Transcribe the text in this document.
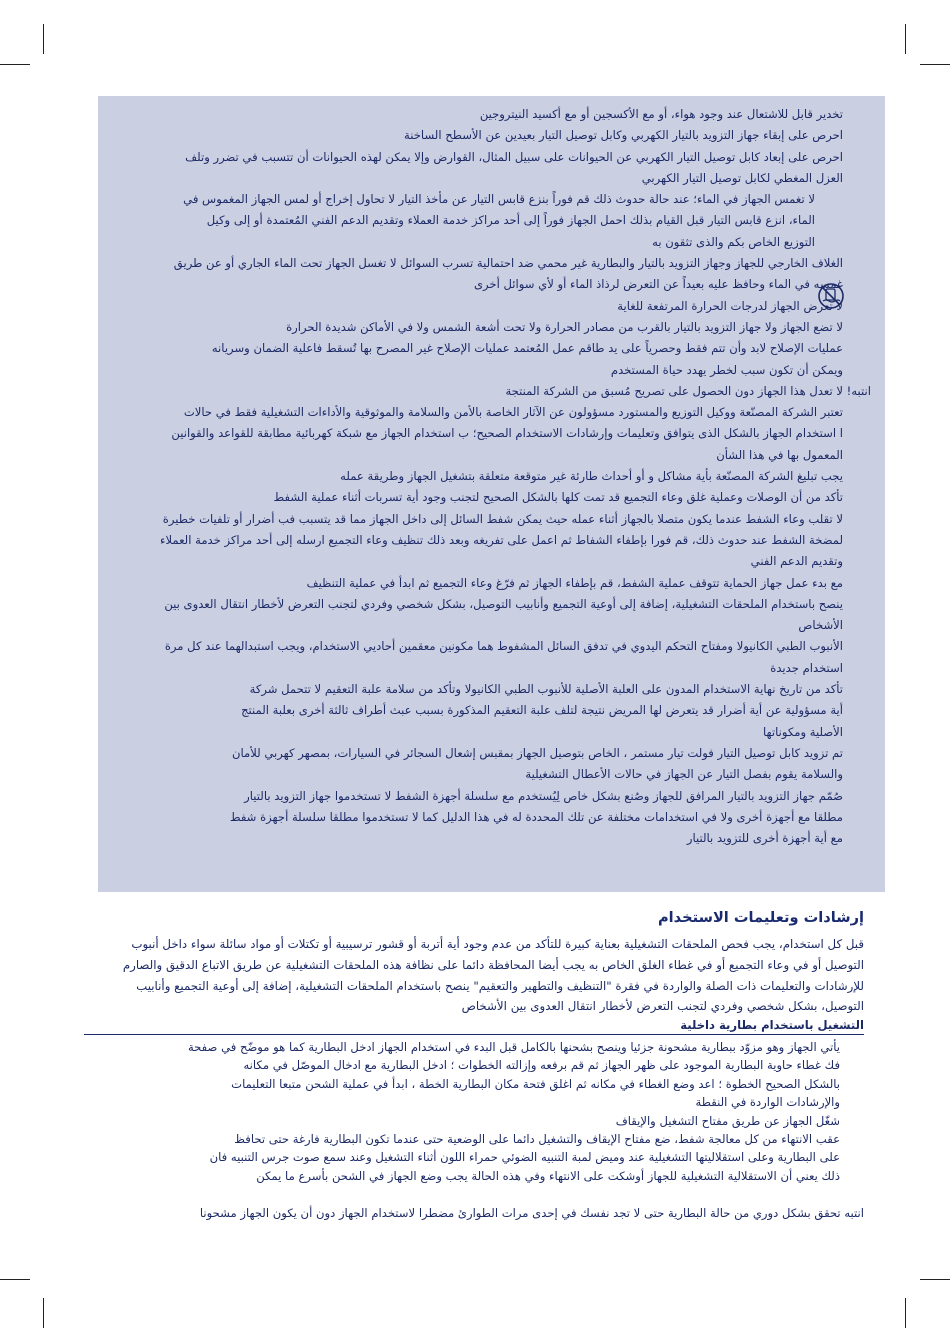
تخدير قابل للاشتعال عند وجود هواء، أو مع الأكسجين أو مع أكسيد النيتروجين
احرص على إبقاء جهاز التزويد بالتيار الكهربي وكابل توصيل التيار بعيدين عن الأسطح الساخنة
احرص على إبعاد كابل توصيل التيار الكهربي عن الحيوانات على سبيل المثال، القوارض وإلا يمكن لهذه الحيوانات أن تتسبب في تضرر وتلف
العزل المغطي لكابل توصيل التيار الكهربي
لا تغمس الجهاز في الماء؛ عند حالة حدوث ذلك قم فوراً بنزع قابس التيار عن مأخذ التيار لا تحاول إخراج أو لمس الجهاز المغموس في
الماء، انزع قابس التيار قبل القيام بذلك احمل الجهاز فوراً إلى أحد مراكز خدمة العملاء وتقديم الدعم الفني المُعتمدة أو إلى وكيل
التوزيع الخاص بكم والذى تثقون به
الغلاف الخارجي للجهاز وجهاز التزويد بالتيار والبطارية غير محمي ضد احتمالية تسرب السوائل لا تغسل الجهاز تحت الماء الجاري أو عن طريق
غمسه في الماء وحافظ عليه بعيداً عن التعرض لرذاذ الماء أو لأي سوائل أخرى
لا تعرض الجهاز لدرجات الحرارة المرتفعة للغاية
لا تضع الجهاز ولا جهاز التزويد بالتيار بالقرب من مصادر الحرارة ولا تحت أشعة الشمس ولا في الأماكن شديدة الحرارة
عمليات الإصلاح لابد وأن تتم فقط وحصرياً على يد طاقم عمل المُعتمد عمليات الإصلاح غير المصرح بها تُسقط فاعلية الضمان وسريانه
ويمكن أن تكون سبب لخطر يهدد حياة المستخدم
انتبه! لا تعدل هذا الجهاز دون الحصول على تصريح مُسبق من الشركة المنتجة
تعتبر الشركة المصنّعة ووكيل التوزيع والمستورد مسؤولون عن الآثار الخاصة بالأمن والسلامة والموثوقية والأداءات التشغيلية فقط في حالات
ا استخدام الجهاز بالشكل الذى يتوافق وتعليمات وإرشادات الاستخدام الصحيح؛ ب استخدام الجهاز مع شبكة كهربائية مطابقة للقواعد والقوانين
المعمول بها في هذا الشأن
يجب تبليغ الشركة المصنّعة بأية مشاكل و أو أحداث طارئة غير متوقعة متعلقة بتشغيل الجهاز وطريقة عمله
تأكد من أن الوصلات وعملية غلق وعاء التجميع قد تمت كلها بالشكل الصحيح لتجنب وجود أية تسربات أثناء عملية الشفط
لا تقلب وعاء الشفط عندما يكون متصلا بالجهاز أثناء عمله حيث يمكن شفط السائل إلى داخل الجهاز مما قد يتسبب فب أضرار أو تلفيات خطيرة
لمضخة الشفط عند حدوث ذلك، قم فورا بإطفاء الشفاط ثم اعمل على تفريغه وبعد ذلك تنظيف وعاء التجميع ارسله إلى أحد مراكز خدمة العملاء
وتقديم الدعم الفني
مع بدء عمل جهاز الحماية تتوقف عملية الشفط، قم بإطفاء الجهاز ثم فرّغ وعاء التجميع ثم ابدأ في عملية التنظيف
ينصح باستخدام الملحقات التشغيلية، إضافة إلى أوعية التجميع وأنابيب التوصيل، بشكل شخصي وفردي لتجنب التعرض لأخطار انتقال العدوى بين
الأشخاص
الأنبوب الطبي الكانيولا ومفتاح التحكم اليدوي في تدفق السائل المشفوط هما مكونين معقمين أحاديي الاستخدام، ويجب استبدالهما عند كل مرة
استخدام جديدة
تأكد من تاريخ نهاية الاستخدام المدون على العلبة الأصلية للأنبوب الطبي الكانيولا وتأكد من سلامة علبة التعقيم لا تتحمل شركة
أية مسؤولية عن أية أضرار قد يتعرض لها المريض نتيجة لتلف علبة التعقيم المذكورة بسبب عبث أطراف ثالثة أخرى بعلبة المنتج
الأصلية ومكوناتها
تم تزويد كابل توصيل التيار فولت تيار مستمر ، الخاص بتوصيل الجهاز بمقبس إشعال السجائر في السيارات، بمصهر كهربي للأمان
والسلامة يقوم بفصل التيار عن الجهاز في حالات الأعطال التشغيلية
صُمّم جهاز التزويد بالتيار المرافق للجهاز وصُنع بشكل خاص لِيُستخدم مع سلسلة أجهزة الشفط لا تستخدموا جهاز التزويد بالتيار
مطلقا مع أجهزة أخرى ولا في استخدامات مختلفة عن تلك المحددة له في هذا الدليل كما لا تستخدموا مطلقا سلسلة أجهزة شفط
مع أية أجهزة أخرى للتزويد بالتيار
إرشادات وتعليمات الاستخدام
قبل كل استخدام، يجب فحص الملحقات التشغيلية بعناية كبيرة للتأكد من عدم وجود أية أتربة أو قشور ترسيبية أو تكتلات أو مواد سائلة سواء داخل أنبوب
التوصيل أو في وعاء التجميع أو في غطاء الغلق الخاص به يجب أيضا المحافظة دائما على نظافة هذه الملحقات التشغيلية عن طريق الاتباع الدقيق والصارم
للإرشادات والتعليمات ذات الصلة والواردة في فقرة "التنظيف والتطهير والتعقيم" ينصح باستخدام الملحقات التشغيلية، إضافة إلى أوعية التجميع وأنابيب
التوصيل، بشكل شخصي وفردي لتجنب التعرض لأخطار انتقال العدوى بين الأشخاص
التشغيل باستخدام بطارية داخلية
يأتي الجهاز وهو مزوّد ببطارية مشحونة جزئيا وينصح بشحنها بالكامل قبل البدء في استخدام الجهاز ادخل البطارية كما هو موضّح في صفحة
فك غطاء حاوية البطارية الموجود على ظهر الجهاز ثم قم برفعه وإزالته الخطوات ؛ ادخل البطارية مع ادخال الموصّل في مكانه
بالشكل الصحيح الخطوة ؛ اعد وضع الغطاء في مكانه ثم اغلق فتحة مكان البطارية الخطة ، ابدأ في عملية الشحن متبعا التعليمات
والإرشادات الواردة في النقطة
شغّل الجهاز عن طريق مفتاح التشغيل والإيقاف
عقب الانتهاء من كل معالجة شفط، ضع مفتاح الإيقاف والتشغيل دائما على الوضعية حتى عندما تكون البطارية فارغة حتى تحافظ
على البطارية وعلى استقلاليتها التشغيلية عند وميض لمبة التنبيه الضوئي حمراء اللون أثناء التشغيل وعند سمع صوت جرس التنبيه فان
ذلك يعني أن الاستقلالية التشغيلية للجهاز أوشكت على الانتهاء وفي هذه الحالة يجب وضع الجهاز في الشحن بأسرع ما يمكن
انتبه تحقق بشكل دوري من حالة البطارية حتى لا تجد نفسك في إحدى مرات الطوارئ مضطرا لاستخدام الجهاز دون أن يكون الجهاز مشحونا
